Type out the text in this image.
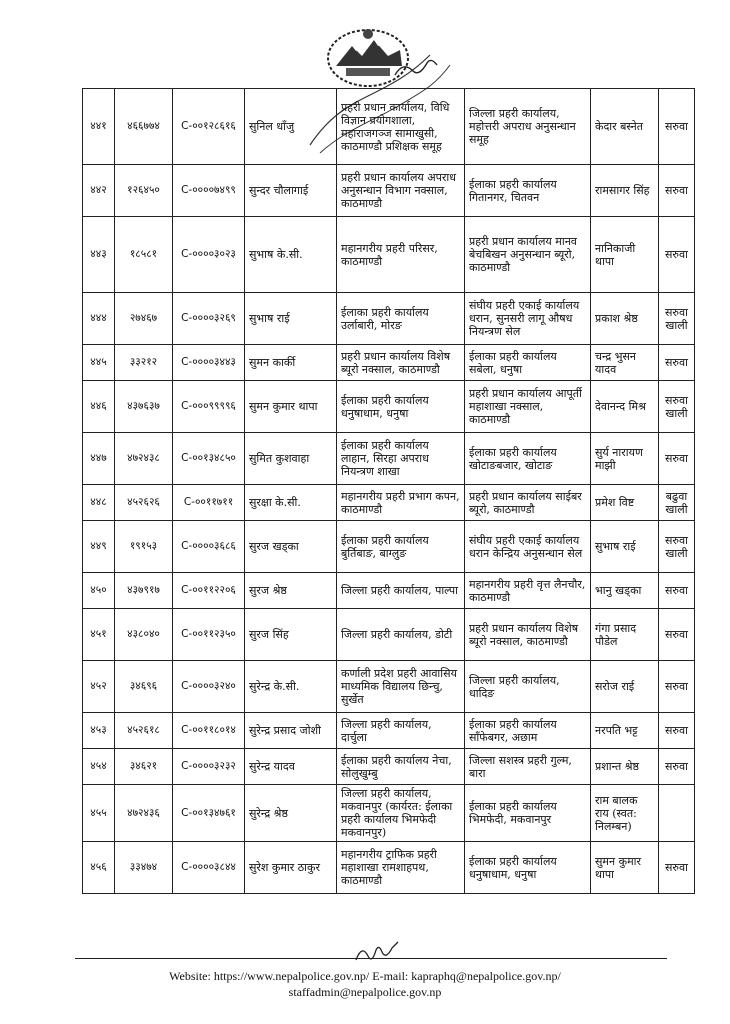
४४१	४६६७७४	C-००१२८६१६	सुनिल धाँजु	प्रहरी प्रधान कार्यालय, विधि विज्ञान प्रयोगशाला, महाराजगञ्ज सामाखुसी, काठमाण्डौ प्रशिक्षक समूह	जिल्ला प्रहरी कार्यालय, महोत्तरी अपराध अनुसन्धान समूह	केदार बस्नेत	सरुवा
४४२	१२६४५०	C-००००७४९९	सुन्दर चौलागाई	प्रहरी प्रधान कार्यालय अपराध अनुसन्धान विभाग नक्साल, काठमाण्डौ	ईलाका प्रहरी कार्यालय गितानगर, चितवन	रामसागर सिंह	सरुवा
४४३	१८५८१	C-००००३०२३	सुभाष के.सी.	महानगरीय प्रहरी परिसर, काठमाण्डौ	प्रहरी प्रधान कार्यालय मानव बेचबिखन अनुसन्धान ब्यूरो, काठमाण्डौ	नानिकाजी थापा	सरुवा
४४४	२७४६७	C-००००३२६९	सुभाष राई	ईलाका प्रहरी कार्यालय उर्लाबारी, मोरङ	संघीय प्रहरी एकाई कार्यालय धरान, सुनसरी लागू औषध नियन्त्रण सेल	प्रकाश श्रेष्ठ	सरुवा खाली
४४५	३३२१२	C-००००३४४३	सुमन कार्की	प्रहरी प्रधान कार्यालय विशेष ब्यूरो नक्साल, काठमाण्डौ	ईलाका प्रहरी कार्यालय सबेला, धनुषा	चन्द्र भुसन यादव	सरुवा
४४६	४३७६३७	C-०००९९९९६	सुमन कुमार थापा	ईलाका प्रहरी कार्यालय धनुषाधाम, धनुषा	प्रहरी प्रधान कार्यालय आपूर्ती महाशाखा नक्साल, काठमाण्डौ	देवानन्द मिश्र	सरुवा खाली
४४७	४७२४३८	C-००१३४८५०	सुमित कुशवाहा	ईलाका प्रहरी कार्यालय लाहान, सिरहा अपराध नियन्त्रण शाखा	ईलाका प्रहरी कार्यालय खोटाङबजार, खोटाङ	सुर्य नारायण माझी	सरुवा
४४८	४५२६२६	C-००११७११	सुरक्षा के.सी.	महानगरीय प्रहरी प्रभाग कपन, काठमाण्डौ	प्रहरी प्रधान कार्यालय साईबर ब्यूरो, काठमाण्डौ	प्रमेश विष्ट	बढुवा खाली
४४९	१९१५३	C-००००३६८६	सुरज खड्का	ईलाका प्रहरी कार्यालय बुर्तिबाङ, बाग्लुङ	संघीय प्रहरी एकाई कार्यालय धरान केन्द्रिय अनुसन्धान सेल	सुभाष राई	सरुवा खाली
४५०	४३७९१७	C-००११२२०६	सुरज श्रेष्ठ	जिल्ला प्रहरी कार्यालय, पाल्पा	महानगरीय प्रहरी वृत्त लैनचौर, काठमाण्डौ	भानु खड्का	सरुवा
४५१	४३८०४०	C-००११२३५०	सुरज सिंह	जिल्ला प्रहरी कार्यालय, डोटी	प्रहरी प्रधान कार्यालय विशेष ब्यूरो नक्साल, काठमाण्डौ	गंगा प्रसाद पौडेल	सरुवा
४५२	३४६९६	C-००००३२४०	सुरेन्द्र के.सी.	कर्णाली प्रदेश प्रहरी आवासिय माध्यमिक विद्यालय छिन्चु, सुर्खेत	जिल्ला प्रहरी कार्यालय, धादिङ	सरोज राई	सरुवा
४५३	४५२६१८	C-००११८०१४	सुरेन्द्र प्रसाद जोशी	जिल्ला प्रहरी कार्यालय, दार्चुला	ईलाका प्रहरी कार्यालय साँफेबगर, अछाम	नरपति भट्ट	सरुवा
४५४	३४६२१	C-००००३२३२	सुरेन्द्र यादव	ईलाका प्रहरी कार्यालय नेचा, सोलुखुम्बु	जिल्ला सशस्त्र प्रहरी गुल्म, बारा	प्रशान्त श्रेष्ठ	सरुवा
४५५	४७२४३६	C-००१३४७६१	सुरेन्द्र श्रेष्ठ	जिल्ला प्रहरी कार्यालय, मकवानपुर (कार्यरत: ईलाका प्रहरी कार्यालय भिमफेदी मकवानपुर)	ईलाका प्रहरी कार्यालय भिमफेदी, मकवानपुर	राम बालक राय (स्वत: निलम्बन)	
४५६	३३४७४	C-००००३८४४	सुरेश कुमार ठाकुर	महानगरीय ट्राफिक प्रहरी महाशाखा रामशाहपथ, काठमाण्डौ	ईलाका प्रहरी कार्यालय धनुषाधाम, धनुषा	सुमन कुमार थापा	सरुवा
Website: https://www.nepalpolice.gov.np/ E-mail: kapraphq@nepalpolice.gov.np/
staffadmin@nepalpolice.gov.np
